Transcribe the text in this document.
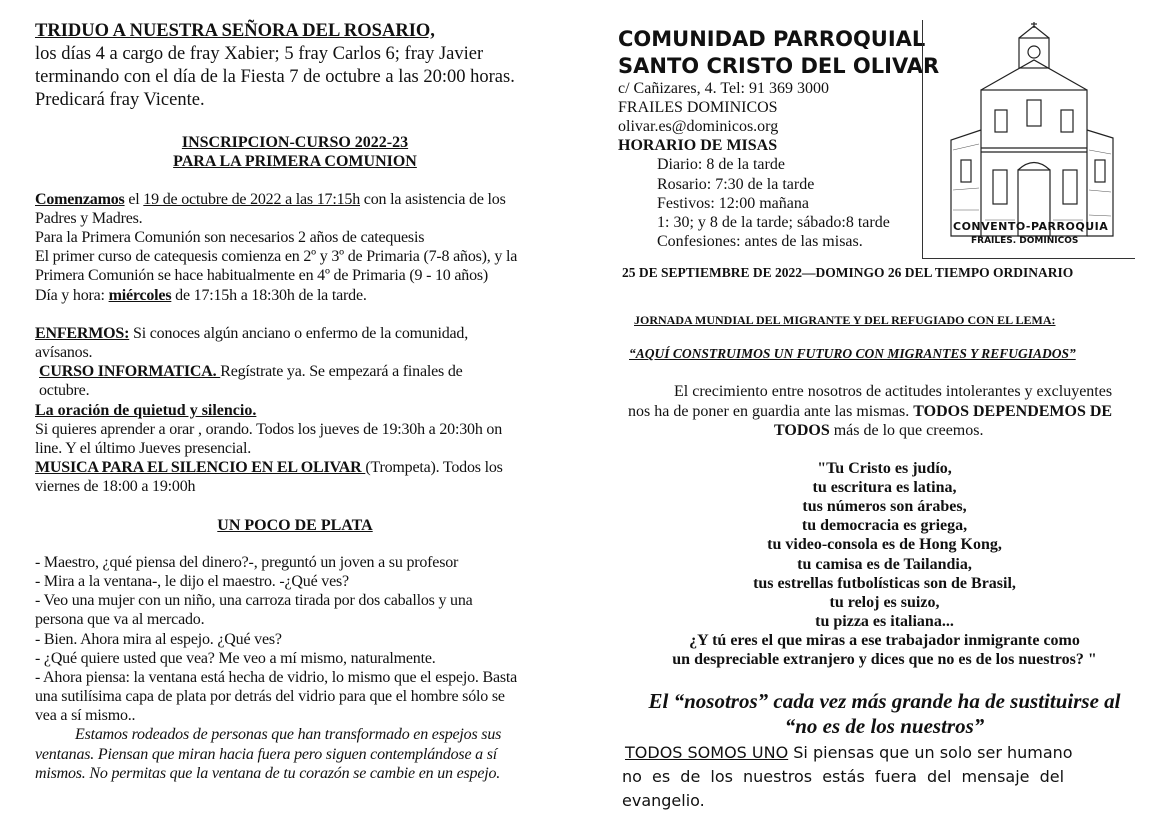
TRIDUO A NUESTRA SEÑORA DEL ROSARIO,
los días 4 a cargo de fray Xabier; 5 fray Carlos 6; fray Javier
terminando con el día de la Fiesta 7 de octubre a las 20:00 horas.
Predicará fray Vicente.
INSCRIPCION-CURSO 2022-23
PARA LA PRIMERA COMUNION
Comenzamos el 19 de octubre de 2022 a las 17:15h con la asistencia de los
Padres y Madres.
Para la Primera Comunión son necesarios 2 años de catequesis
El primer curso de catequesis comienza en 2º y 3º de Primaria (7-8 años), y la
Primera Comunión se hace habitualmente en 4º de Primaria (9 - 10 años)
Día y hora: miércoles de 17:15h a 18:30h de la tarde.
ENFERMOS: Si conoces algún anciano o enfermo de la comunidad,
avísanos.
CURSO INFORMATICA. Regístrate ya. Se empezará a finales de
octubre.
La oración de quietud y silencio.
Si quieres aprender a orar , orando. Todos los jueves de 19:30h a 20:30h on
line. Y el último Jueves presencial.
MUSICA PARA EL SILENCIO EN EL OLIVAR (Trompeta). Todos los
viernes de 18:00 a 19:00h
UN POCO DE PLATA
- Maestro, ¿qué piensa del dinero?-, preguntó un joven a su profesor
- Mira a la ventana-, le dijo el maestro. -¿Qué ves?
- Veo una mujer con un niño, una carroza tirada por dos caballos y una
persona que va al mercado.
- Bien. Ahora mira al espejo. ¿Qué ves?
- ¿Qué quiere usted que vea? Me veo a mí mismo, naturalmente.
- Ahora piensa: la ventana está hecha de vidrio, lo mismo que el espejo. Basta
una sutilísima capa de plata por detrás del vidrio para que el hombre sólo se
vea a sí mismo..
Estamos rodeados de personas que han transformado en espejos sus
ventanas. Piensan que miran hacia fuera pero siguen contemplándose a sí
mismos. No permitas que la ventana de tu corazón se cambie en un espejo.
COMUNIDAD PARROQUIAL
SANTO CRISTO DEL OLIVAR
c/ Cañizares, 4. Tel: 91 369 3000
FRAILES DOMINICOS
olivar.es@dominicos.org
HORARIO DE MISAS
Diario: 8 de la tarde
Rosario: 7:30 de la tarde
Festivos: 12:00 mañana
1: 30; y 8 de la tarde; sábado:8 tarde
Confesiones: antes de las misas.
CONVENTO-PARROQUIA
FRAILES. DOMINICOS
25 DE SEPTIEMBRE DE 2022—DOMINGO 26 DEL TIEMPO ORDINARIO
JORNADA MUNDIAL DEL MIGRANTE Y DEL REFUGIADO CON EL LEMA:
“AQUÍ CONSTRUIMOS UN FUTURO CON MIGRANTES Y REFUGIADOS”
El crecimiento entre nosotros de actitudes intolerantes y excluyentes
nos ha de poner en guardia ante las mismas. TODOS DEPENDEMOS DE
TODOS más de lo que creemos.
"Tu Cristo es judío,
tu escritura es latina,
tus números son árabes,
tu democracia es griega,
tu video-consola es de Hong Kong,
tu camisa es de Tailandia,
tus estrellas futbolísticas son de Brasil,
tu reloj es suizo,
tu pizza es italiana...
¿Y tú eres el que miras a ese trabajador inmigrante como
un despreciable extranjero y dices que no es de los nuestros? "
El “nosotros” cada vez más grande ha de sustituirse al
“no es de los nuestros”
TODOS SOMOS UNO Si piensas que un solo ser humano
no es de los nuestros estás fuera del mensaje del
evangelio.
